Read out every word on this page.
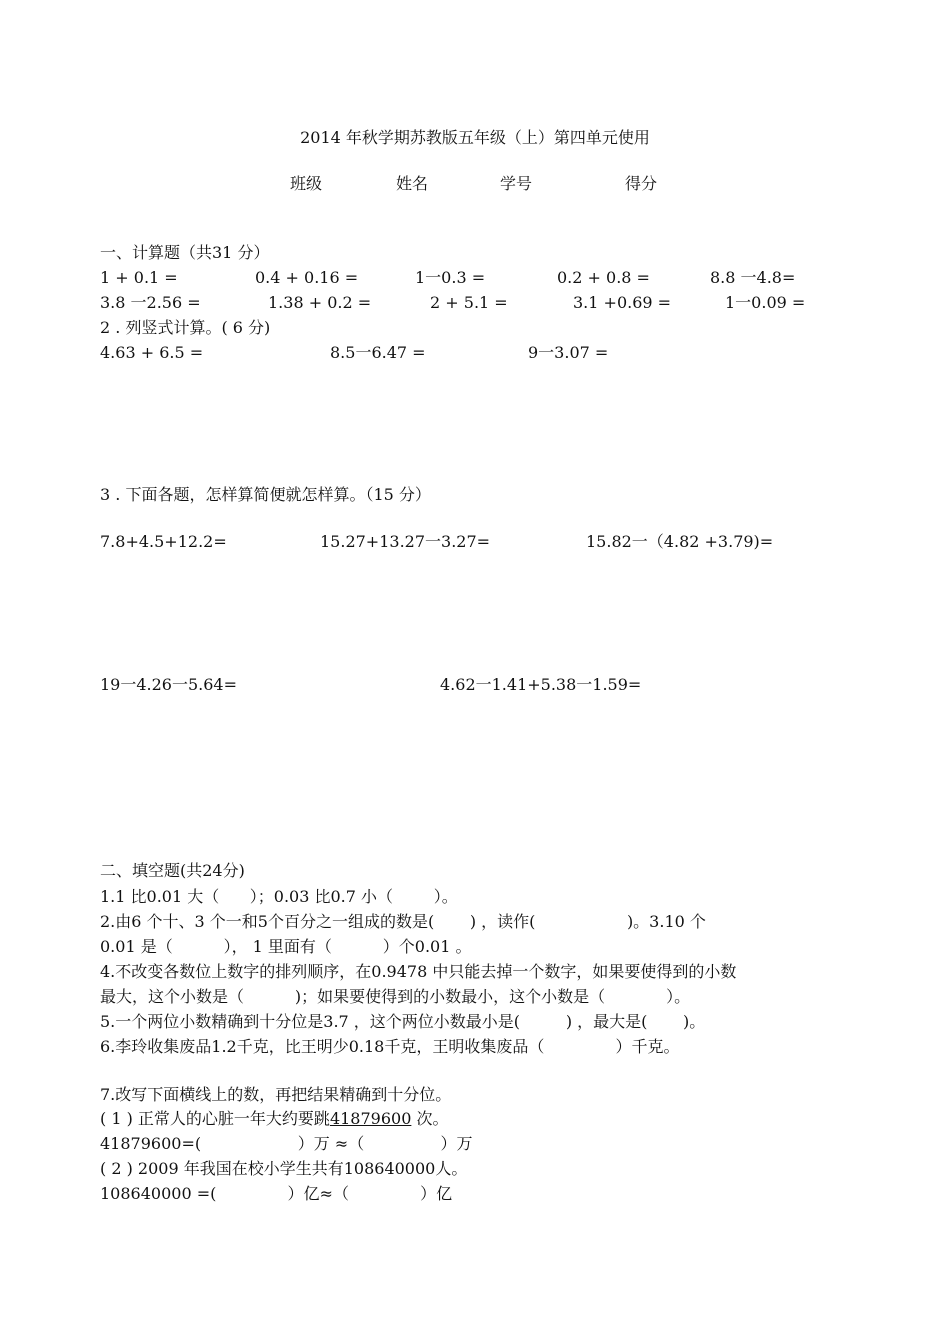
2014 年秋学期苏教版五年级（上）第四单元使用
班级	姓名	学号	得分
一、计算题（共31 分）
1 + 0.1 =	0.4 + 0.16 =	1一0.3 =	0.2 + 0.8 =	8.8 一4.8=
3.8 一2.56 =	1.38 + 0.2 =	2 + 5.1 =	3.1 +0.69 =	1一0.09 =
2 . 列竖式计算。( 6 分)
4.63 + 6.5 =	8.5一6.47 =	9一3.07 =
3 . 下面各题，怎样算简便就怎样算。（15 分）
7.8+4.5+12.2=	15.27+13.27一3.27=	15.82一（4.82 +3.79)=
19一4.26一5.64=	4.62一1.41+5.38一1.59=
二、填空题(共24分)
1.1 比0.01 大（      ）；0.03 比0.7 小（        ）。
2.由6 个十、3 个一和5个百分之一组成的数是(       ) ，读作(                  )。3.10 个
0.01 是（          ）， 1 里面有（          ）个0.01 。
4.不改变各数位上数字的排列顺序，在0.9478 中只能去掉一个数字，如果要使得到的小数
最大，这个小数是（          )；如果要使得到的小数最小，这个小数是（            ）。
5.一个两位小数精确到十分位是3.7 ，这个两位小数最小是(         ) ，最大是(       )。
6.李玲收集废品1.2千克，比王明少0.18千克，王明收集废品（              ）千克。
7.改写下面横线上的数，再把结果精确到十分位。
( 1 ) 正常人的心脏一年大约要跳41879600 次。
41879600=(                   ）万 ≈（               ）万
( 2 ) 2009 年我国在校小学生共有108640000人。
108640000 =(              ）亿≈（              ）亿
